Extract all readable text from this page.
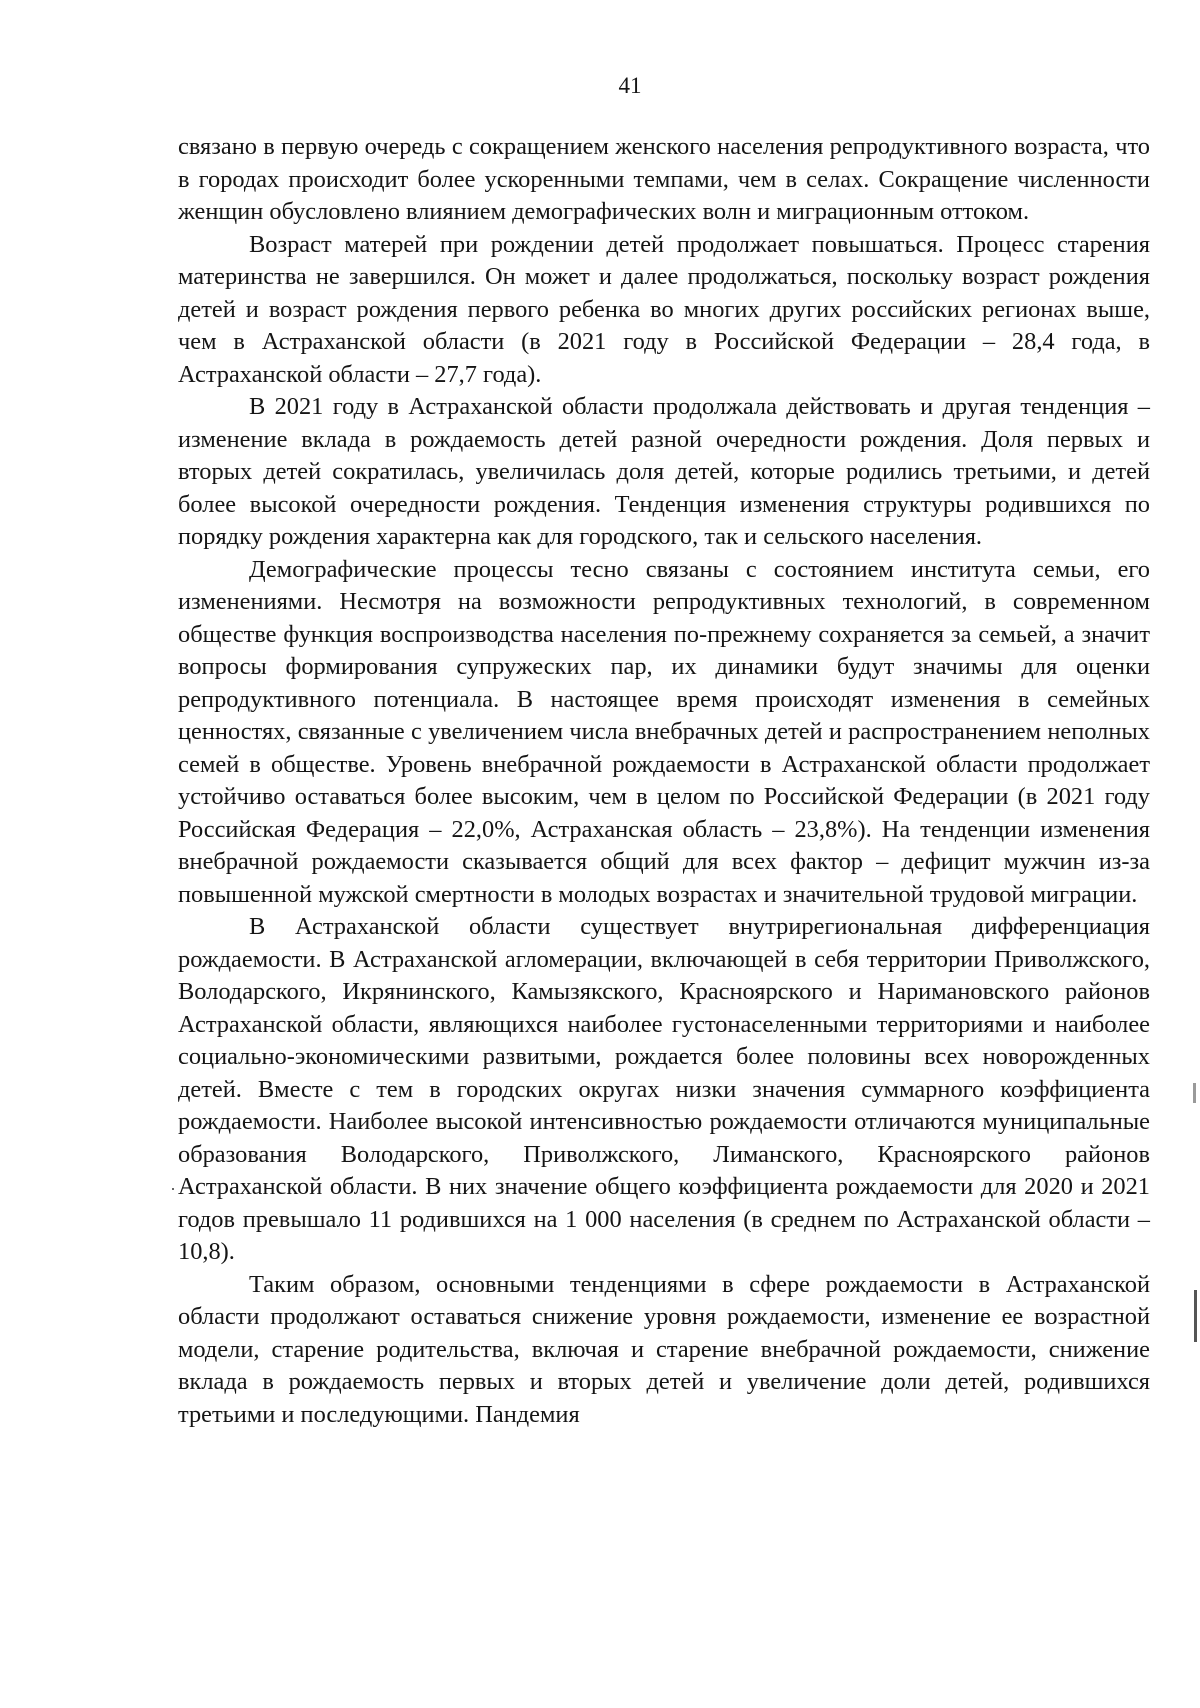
41

связано в первую очередь с сокращением женского населения репродуктивного возраста, что в городах происходит более ускоренными темпами, чем в селах. Сокращение численности женщин обусловлено влиянием демографических волн и миграционным оттоком.

Возраст матерей при рождении детей продолжает повышаться. Процесс старения материнства не завершился. Он может и далее продолжаться, поскольку возраст рождения детей и возраст рождения первого ребенка во многих других российских регионах выше, чем в Астраханской области (в 2021 году в Российской Федерации – 28,4 года, в Астраханской области – 27,7 года).

В 2021 году в Астраханской области продолжала действовать и другая тенденция – изменение вклада в рождаемость детей разной очередности рождения. Доля первых и вторых детей сократилась, увеличилась доля детей, которые родились третьими, и детей более высокой очередности рождения. Тенденция изменения структуры родившихся по порядку рождения характерна как для городского, так и сельского населения.

Демографические процессы тесно связаны с состоянием института семьи, его изменениями. Несмотря на возможности репродуктивных технологий, в современном обществе функция воспроизводства населения по-прежнему сохраняется за семьей, а значит вопросы формирования супружеских пар, их динамики будут значимы для оценки репродуктивного потенциала. В настоящее время происходят изменения в семейных ценностях, связанные с увеличением числа внебрачных детей и распространением неполных семей в обществе. Уровень внебрачной рождаемости в Астраханской области продолжает устойчиво оставаться более высоким, чем в целом по Российской Федерации (в 2021 году Российская Федерация – 22,0%, Астраханская область – 23,8%). На тенденции изменения внебрачной рождаемости сказывается общий для всех фактор – дефицит мужчин из-за повышенной мужской смертности в молодых возрастах и значительной трудовой миграции.

В Астраханской области существует внутрирегиональная дифференциация рождаемости. В Астраханской агломерации, включающей в себя территории Приволжского, Володарского, Икрянинского, Камызякского, Красноярского и Наримановского районов Астраханской области, являющихся наиболее густонаселенными территориями и наиболее социально-экономическими развитыми, рождается более половины всех новорожденных детей. Вместе с тем в городских округах низки значения суммарного коэффициента рождаемости. Наиболее высокой интенсивностью рождаемости отличаются муниципальные образования Володарского, Приволжского, Лиманского, Красноярского районов Астраханской области. В них значение общего коэффициента рождаемости для 2020 и 2021 годов превышало 11 родившихся на 1 000 населения (в среднем по Астраханской области – 10,8).

Таким образом, основными тенденциями в сфере рождаемости в Астраханской области продолжают оставаться снижение уровня рождаемости, изменение ее возрастной модели, старение родительства, включая и старение внебрачной рождаемости, снижение вклада в рождаемость первых и вторых детей и увеличение доли детей, родившихся третьими и последующими. Пандемия
